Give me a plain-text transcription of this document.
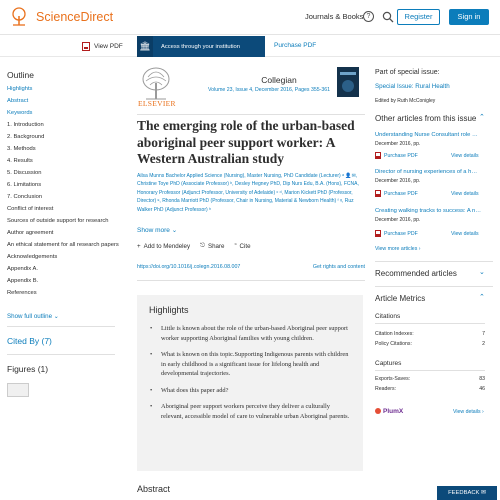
ScienceDirect	Journals & Books ?	Register	Sign in
View PDF 🏛	Access through your institution	Purchase PDF
Outline
Highlights
Abstract
Keywords
1. Introduction
2. Background
3. Methods
4. Results
5. Discussion
6. Limitations
7. Conclusion
Conflict of interest
Sources of outside support for research
Author agreement
An ethical statement for all research papers
Acknowledgements
Appendix A.
Appendix B.
References
Show full outline ⌄
Cited By (7)
Figures (1)
ELSEVIER
Collegian
Volume 23, Issue 4, December 2016, Pages 355-361
The emerging role of the urban-based aboriginal peer support worker: A Western Australian study
Ailsa Munns Bachelor Applied Science (Nursing), Master Nursing, PhD Candidate (Lecturer) ᵃ 👤✉, Christine Toye PhD (Associate Professor) ᵇ, Desley Hegney PhD, Dip Nurs Edu, B.A. (Hons), FCNA, Honorary Professor (Adjunct Professor, University of Adelaide) ᶜ ᵈ, Marion Kickett PhD (Professor, Director) ᵉ, Rhonda Marriott PhD (Professor, Chair in Nursing, Material & Newborn Health) ᶠ ᵍ, Ruz Walker PhD (Adjunct Professor) ʰ
Show more ⌄
+ Add to Mendeley ⎋ Share ” Cite
https://doi.org/10.1016/j.colegn.2016.08.007	Get rights and content
Highlights
• Little is known about the role of the urban-based Aboriginal peer support worker supporting Aboriginal families with young children.
• What is known on this topic.Supporting Indigenous parents with children in early childhood is a significant issue for lifelong health and developmental trajectories.
• What does this paper add?
• Aboriginal peer support workers perceive they deliver a culturally relevant, accessible model of care to vulnerable urban Aboriginal parents.
Abstract
Part of special issue:
Special Issue: Rural Health
Edited by Ruth McConigley
Other articles from this issue ⌃
Understanding Nurse Consultant role …
December 2016, pp.
Purchase PDF	View details
Director of nursing experiences of a h…
December 2016, pp.
Purchase PDF	View details
Creating walking tracks to success: A n…
December 2016, pp.
Purchase PDF	View details
View more articles ›
Recommended articles	⌄
Article Metrics	⌃
Citations
Citation Indexes:	7
Policy Citations:	2
Captures
Exports-Saves:	83
Readers:	46
PlumX	View details ›
FEEDBACK ✉
